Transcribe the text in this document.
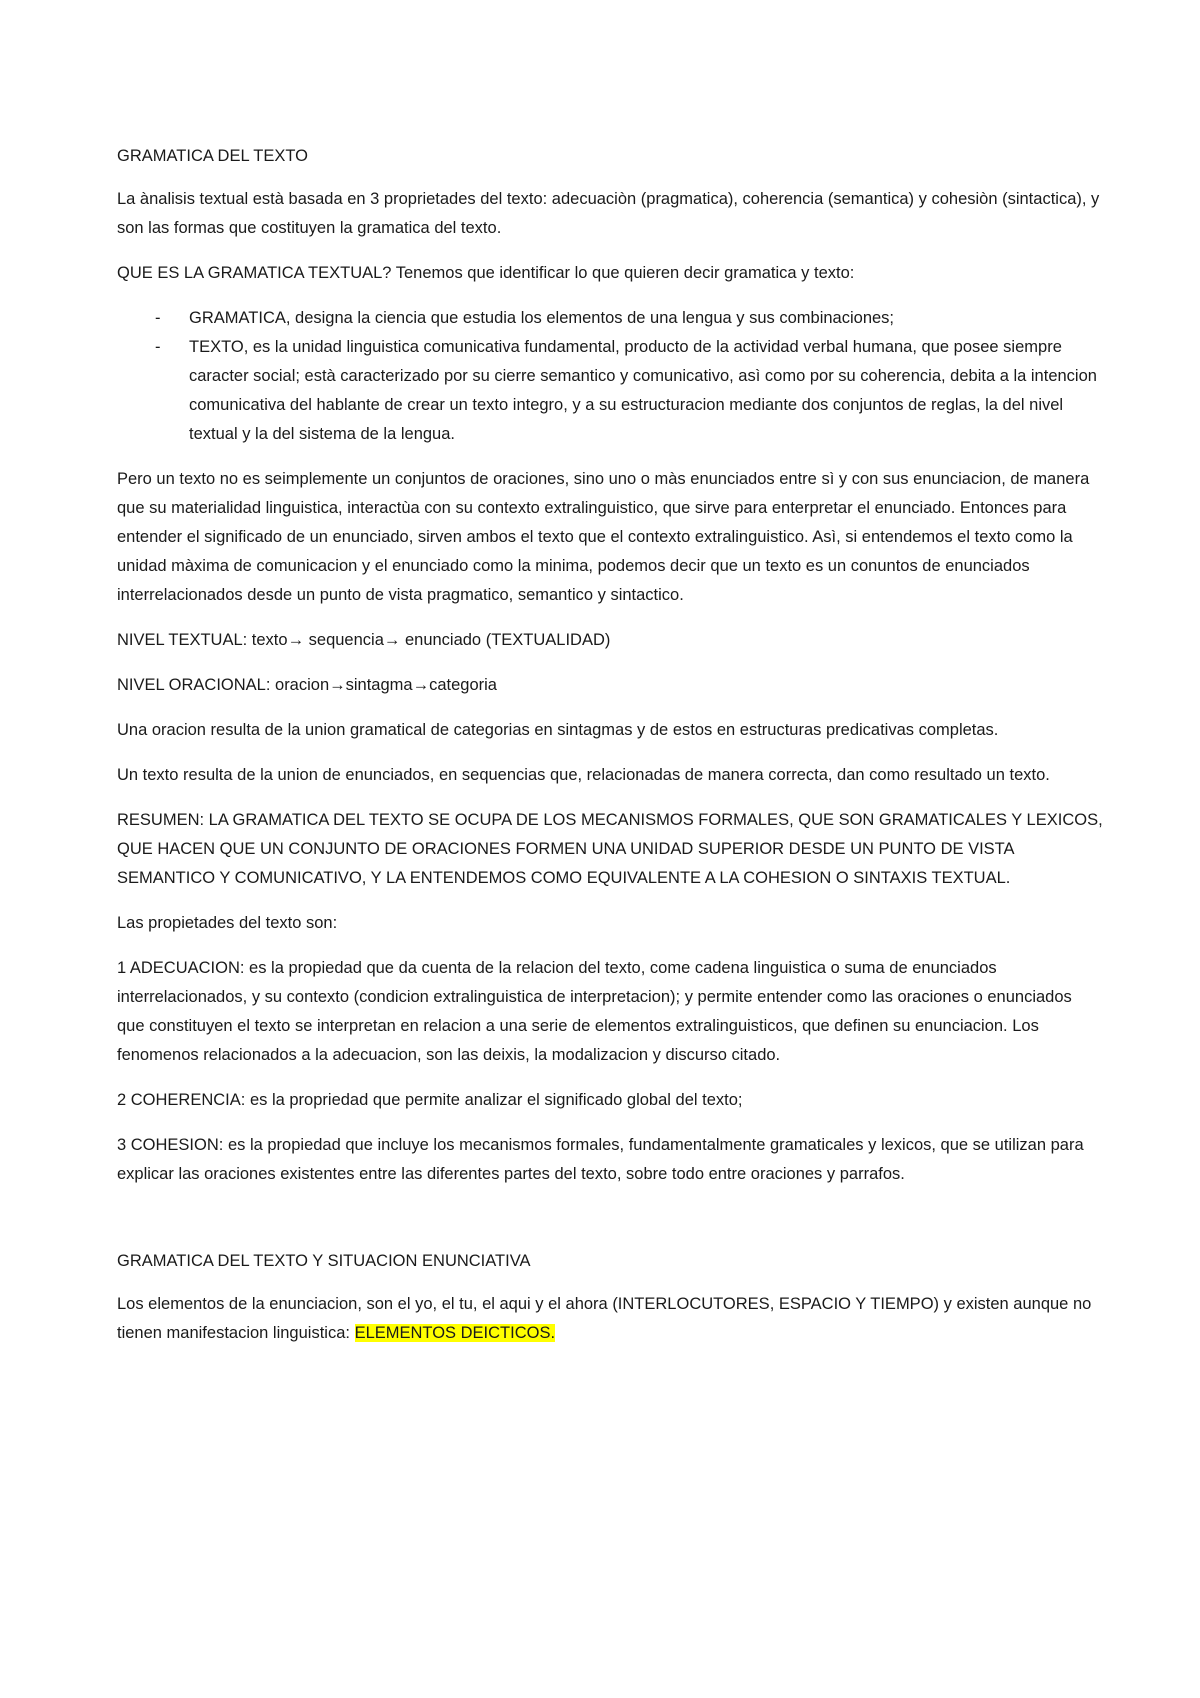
GRAMATICA DEL TEXTO

La ànalisis textual està basada en 3 proprietades del texto: adecuaciòn (pragmatica), coherencia (semantica) y cohesiòn (sintactica), y son las formas que costituyen la gramatica del texto.

QUE ES LA GRAMATICA TEXTUAL? Tenemos que identificar lo que quieren decir gramatica y texto:

- GRAMATICA, designa la ciencia que estudia los elementos de una lengua y sus combinaciones;
- TEXTO, es la unidad linguistica comunicativa fundamental, producto de la actividad verbal humana, que posee siempre caracter social; està caracterizado por su cierre semantico y comunicativo, asì como por su coherencia, debita a la intencion comunicativa del hablante de crear un texto integro, y a su estructuracion mediante dos conjuntos de reglas, la del nivel textual y la del sistema de la lengua.

Pero un texto no es seimplemente un conjuntos de oraciones, sino uno o màs enunciados entre sì y con sus enunciacion, de manera que su materialidad linguistica, interactùa con su contexto extralinguistico, que sirve para enterpretar el enunciado. Entonces para entender el significado de un enunciado, sirven ambos el texto que el contexto extralinguistico. Asì, si entendemos el texto como la unidad màxima de comunicacion y el enunciado como la minima, podemos decir que un texto es un conuntos de enunciados interrelacionados desde un punto de vista pragmatico, semantico y sintactico.

NIVEL TEXTUAL: texto→ sequencia→ enunciado (TEXTUALIDAD)

NIVEL ORACIONAL: oracion→sintagma→categoria

Una oracion resulta de la union gramatical de categorias en sintagmas y de estos en estructuras predicativas completas.

Un texto resulta de la union de enunciados, en sequencias que, relacionadas de manera correcta, dan como resultado un texto.

RESUMEN: LA GRAMATICA DEL TEXTO SE OCUPA DE LOS MECANISMOS FORMALES, QUE SON GRAMATICALES Y LEXICOS, QUE HACEN QUE UN CONJUNTO DE ORACIONES FORMEN UNA UNIDAD SUPERIOR DESDE UN PUNTO DE VISTA SEMANTICO Y COMUNICATIVO, Y LA ENTENDEMOS COMO EQUIVALENTE A LA COHESION O SINTAXIS TEXTUAL.

Las propietades del texto son:

1 ADECUACION: es la propiedad que da cuenta de la relacion del texto, come cadena linguistica o suma de enunciados interrelacionados, y su contexto (condicion extralinguistica de interpretacion); y permite entender como las oraciones o enunciados que constituyen el texto se interpretan en relacion a una serie de elementos extralinguisticos, que definen su enunciacion. Los fenomenos relacionados a la adecuacion, son las deixis, la modalizacion y discurso citado.

2 COHERENCIA: es la propriedad que permite analizar el significado global del texto;

3 COHESION: es la propiedad que incluye los mecanismos formales, fundamentalmente gramaticales y lexicos, que se utilizan para explicar las oraciones existentes entre las diferentes partes del texto, sobre todo entre oraciones y parrafos.

GRAMATICA DEL TEXTO Y SITUACION ENUNCIATIVA

Los elementos de la enunciacion, son el yo, el tu, el aqui y el ahora (INTERLOCUTORES, ESPACIO Y TIEMPO) y existen aunque no tienen manifestacion linguistica: ELEMENTOS DEICTICOS.
